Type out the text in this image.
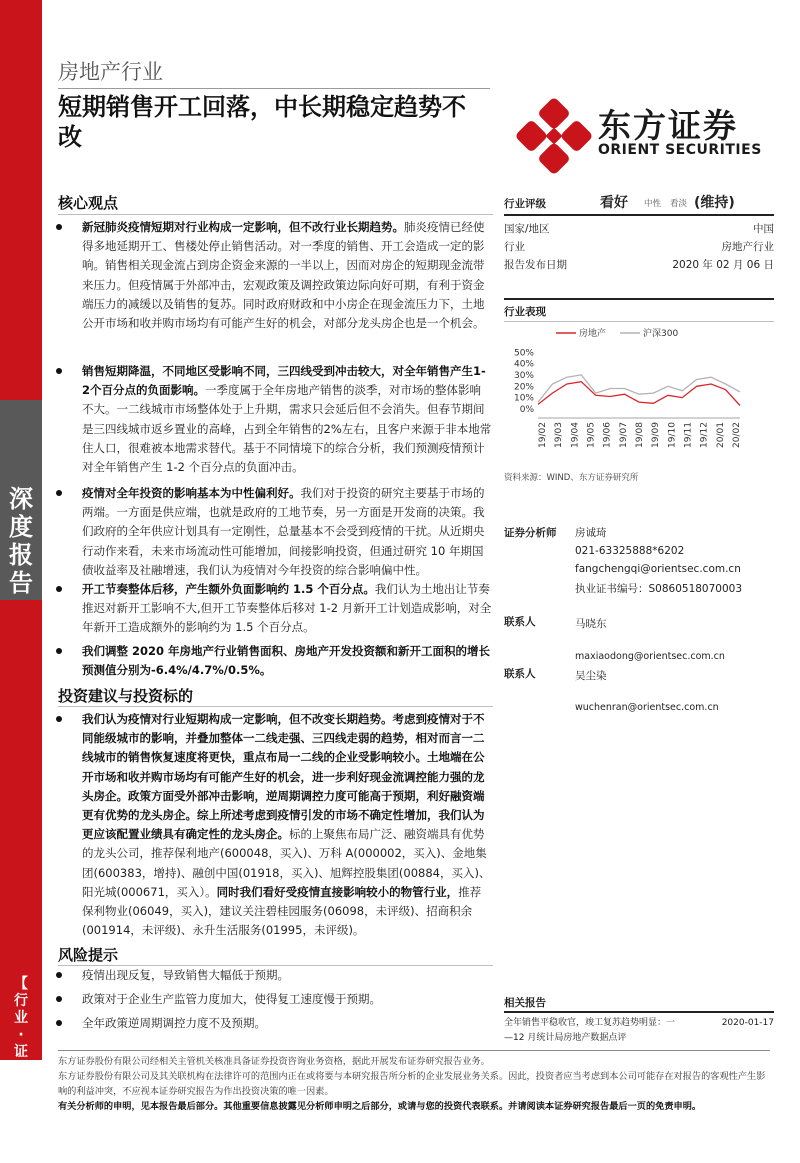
深
度
报
告
【
行
业
·
证
券
研
究
报
告
】
房地产行业
短期销售开工回落，中长期稳定趋势不
改	东方证券
ORIENT SECURITIES
核心观点
新冠肺炎疫情短期对行业构成一定影响，但不改行业长期趋势。肺炎疫情已经使得多地延期开工、售楼处停止销售活动。对一季度的销售、开工会造成一定的影响。销售相关现金流占到房企资金来源的一半以上，因而对房企的短期现金流带来压力。但疫情属于外部冲击，宏观政策及调控政策边际向好可期，有利于资金端压力的减缓以及销售的复苏。同时政府财政和中小房企在现金流压力下，土地公开市场和收并购市场均有可能产生好的机会，对部分龙头房企也是一个机会。
销售短期降温，不同地区受影响不同，三四线受到冲击较大，对全年销售产生1-2个百分点的负面影响。一季度属于全年房地产销售的淡季，对市场的整体影响不大。一二线城市市场整体处于上升期，需求只会延后但不会消失。但春节期间是三四线城市返乡置业的高峰，占到全年销售的2%左右，且客户来源于非本地常住人口，很难被本地需求替代。基于不同情境下的综合分析，我们预测疫情预计对全年销售产生 1-2 个百分点的负面冲击。
疫情对全年投资的影响基本为中性偏利好。我们对于投资的研究主要基于市场的两端。一方面是供应端，也就是政府的工地节奏，另一方面是开发商的决策。我们政府的全年供应计划具有一定刚性，总量基本不会受到疫情的干扰。从近期央行动作来看，未来市场流动性可能增加，间接影响投资，但通过研究 10 年期国债收益率及社融增速，我们认为疫情对今年投资的综合影响偏中性。
开工节奏整体后移，产生额外负面影响约 1.5 个百分点。我们认为土地出让节奏推迟对新开工影响不大,但开工节奏整体后移对 1-2 月新开工计划造成影响，对全年新开工造成额外的影响约为 1.5 个百分点。
我们调整 2020 年房地产行业销售面积、房地产开发投资额和新开工面积的增长预测值分别为-6.4%/4.7%/0.5%。
投资建议与投资标的
我们认为疫情对行业短期构成一定影响，但不改变长期趋势。考虑到疫情对于不同能级城市的影响，并叠加整体一二线走强、三四线走弱的趋势，相对而言一二线城市的销售恢复速度将更快，重点布局一二线的企业受影响较小。土地端在公开市场和收并购市场均有可能产生好的机会，进一步利好现金流调控能力强的龙头房企。政策方面受外部冲击影响，逆周期调控力度可能高于预期，利好融资端更有优势的龙头房企。综上所述考虑到疫情引发的市场不确定性增加，我们认为更应该配置业绩具有确定性的龙头房企。标的上聚焦布局广泛、融资端具有优势的龙头公司，推荐保利地产(600048，买入)、万科 A(000002，买入)、金地集团(600383，增持)、融创中国(01918，买入)、旭辉控股集团(00884，买入)、阳光城(000671，买入）。同时我们看好受疫情直接影响较小的物管行业，推荐保利物业(06049，买入)，建议关注碧桂园服务(06098，未评级)、招商积余(001914，未评级)、永升生活服务(01995，未评级)。
风险提示
疫情出现反复，导致销售大幅低于预期。
政策对于企业生产监管力度加大，使得复工速度慢于预期。
全年政策逆周期调控力度不及预期。
行业评级	看好 中性 看淡 (维持)
国家/地区	中国
行业	房地产行业
报告发布日期	2020 年 02 月 06 日
行业表现
房地产	沪深300
50%
40%
30%
20%
10%
0%
19/02 19/03 19/04 19/05 19/06 19/07 19/08 19/09 19/10 19/11 19/12 20/01 20/02
资料来源：WIND、东方证券研究所
证券分析师 房诚琦
021-63325888*6202
fangchengqi@orientsec.com.cn
执业证书编号：S0860518070003
联系人	马晓东
maxiaodong@orientsec.com.cn
联系人	吴尘染
wuchenran@orientsec.com.cn
相关报告
全年销售平稳收官，竣工复苏趋势明显：一	2020-01-17
—12 月统计局房地产数据点评
东方证券股份有限公司经相关主管机关核准具备证券投资咨询业务资格，据此开展发布证券研究报告业务。
东方证券股份有限公司及其关联机构在法律许可的范围内正在或将要与本研究报告所分析的企业发展业务关系。因此，投资者应当考虑到本公司可能存在对报告的客观性产生影响的利益冲突，不应视本证券研究报告为作出投资决策的唯一因素。
有关分析师的申明，见本报告最后部分。其他重要信息披露见分析师申明之后部分，或请与您的投资代表联系。并请阅读本证券研究报告最后一页的免责申明。
